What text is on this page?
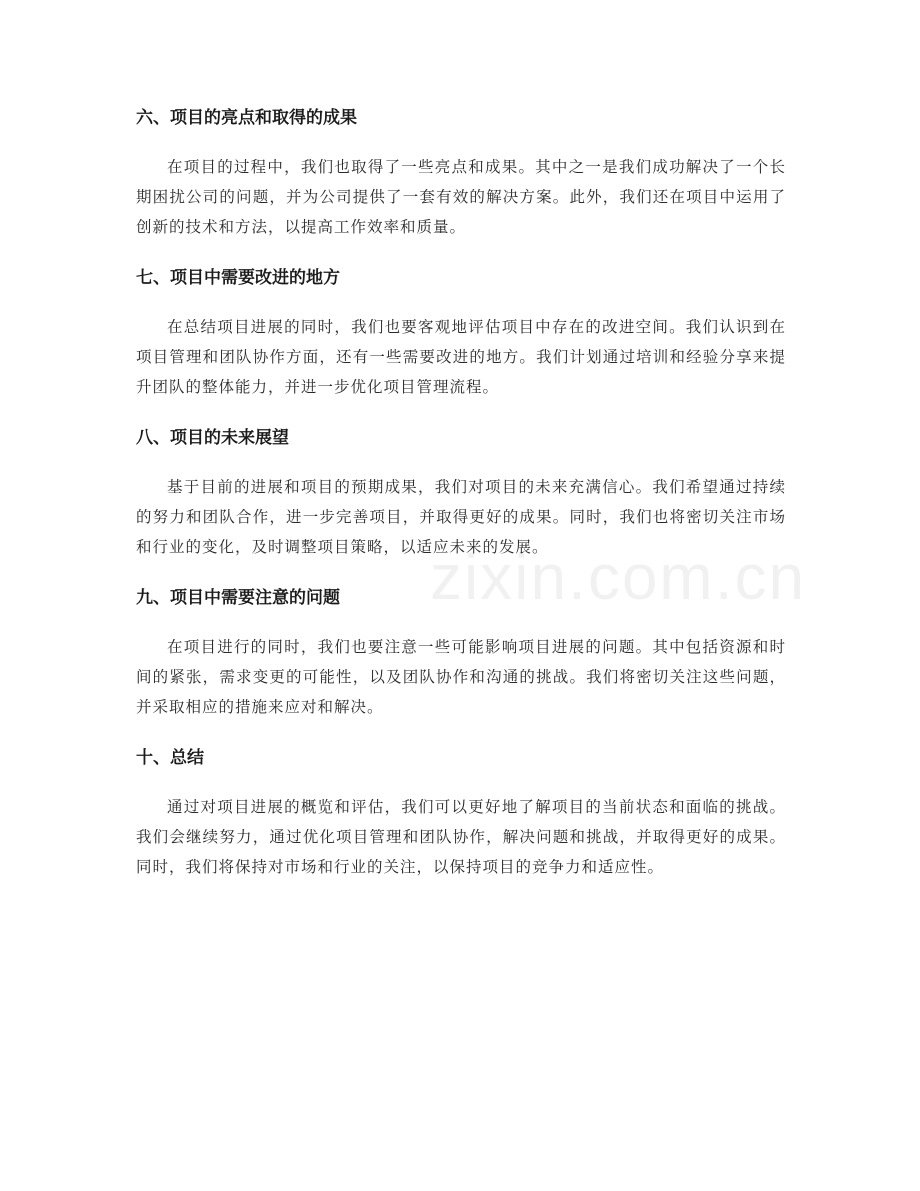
六、项目的亮点和取得的成果

在项目的过程中，我们也取得了一些亮点和成果。其中之一是我们成功解决了一个长期困扰公司的问题，并为公司提供了一套有效的解决方案。此外，我们还在项目中运用了创新的技术和方法，以提高工作效率和质量。

七、项目中需要改进的地方

在总结项目进展的同时，我们也要客观地评估项目中存在的改进空间。我们认识到在项目管理和团队协作方面，还有一些需要改进的地方。我们计划通过培训和经验分享来提升团队的整体能力，并进一步优化项目管理流程。

八、项目的未来展望

基于目前的进展和项目的预期成果，我们对项目的未来充满信心。我们希望通过持续的努力和团队合作，进一步完善项目，并取得更好的成果。同时，我们也将密切关注市场和行业的变化，及时调整项目策略，以适应未来的发展。

九、项目中需要注意的问题

在项目进行的同时，我们也要注意一些可能影响项目进展的问题。其中包括资源和时间的紧张，需求变更的可能性，以及团队协作和沟通的挑战。我们将密切关注这些问题，并采取相应的措施来应对和解决。

十、总结

通过对项目进展的概览和评估，我们可以更好地了解项目的当前状态和面临的挑战。我们会继续努力，通过优化项目管理和团队协作，解决问题和挑战，并取得更好的成果。同时，我们将保持对市场和行业的关注，以保持项目的竞争力和适应性。

zixin.com.cn
